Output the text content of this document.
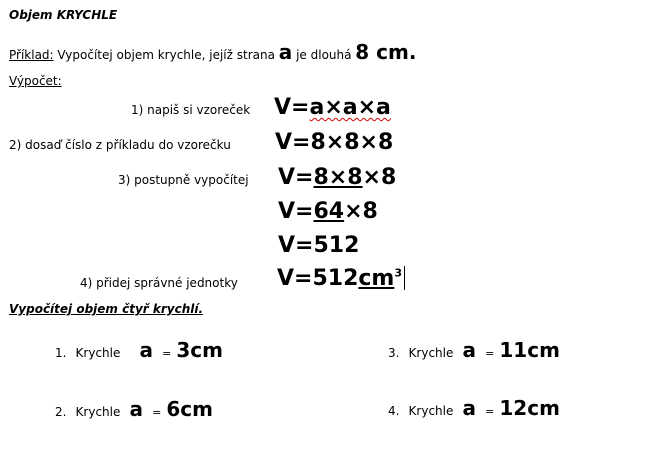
Objem KRYCHLE
Příklad: Vypočítej objem krychle, jejíž strana a je dlouhá 8 cm.
Výpočet:
1) napiš si vzoreček V=a×a×a
2) dosaď číslo z příkladu do vzorečku V=8×8×8
3) postupně vypočítej V=8×8×8
V=64×8
V=512
4) přidej správné jednotky $V=512cm^3$
Vypočítej objem čtyř krychlí.
1. Krychle a = 3cm
2. Krychle a = 6cm
3. Krychle a = 11cm
4. Krychle a = 12cm
